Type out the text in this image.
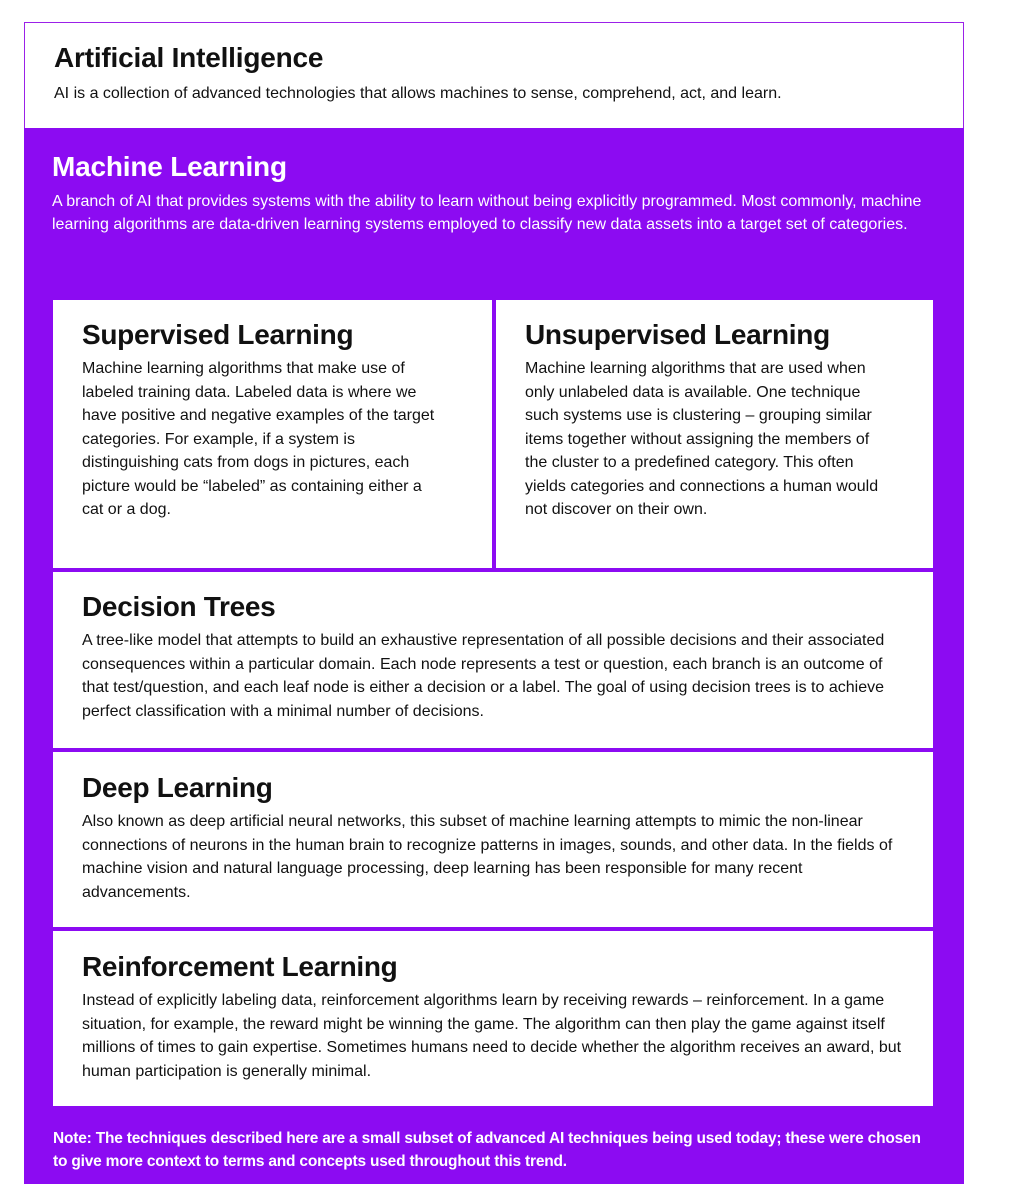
Artificial Intelligence
AI is a collection of advanced technologies that allows machines to sense, comprehend, act, and learn.
Machine Learning
A branch of AI that provides systems with the ability to learn without being explicitly programmed. Most commonly, machine learning algorithms are data-driven learning systems employed to classify new data assets into a target set of categories.
Supervised Learning
Machine learning algorithms that make use of labeled training data. Labeled data is where we have positive and negative examples of the target categories. For example, if a system is distinguishing cats from dogs in pictures, each picture would be “labeled” as containing either a cat or a dog.
Unsupervised Learning
Machine learning algorithms that are used when only unlabeled data is available. One technique such systems use is clustering – grouping similar items together without assigning the members of the cluster to a predefined category. This often yields categories and connections a human would not discover on their own.
Decision Trees
A tree-like model that attempts to build an exhaustive representation of all possible decisions and their associated consequences within a particular domain. Each node represents a test or question, each branch is an outcome of that test/question, and each leaf node is either a decision or a label. The goal of using decision trees is to achieve perfect classification with a minimal number of decisions.
Deep Learning
Also known as deep artificial neural networks, this subset of machine learning attempts to mimic the non-linear connections of neurons in the human brain to recognize patterns in images, sounds, and other data. In the fields of machine vision and natural language processing, deep learning has been responsible for many recent advancements.
Reinforcement Learning
Instead of explicitly labeling data, reinforcement algorithms learn by receiving rewards – reinforcement. In a game situation, for example, the reward might be winning the game. The algorithm can then play the game against itself millions of times to gain expertise. Sometimes humans need to decide whether the algorithm receives an award, but human participation is generally minimal.
Note: The techniques described here are a small subset of advanced AI techniques being used today; these were chosen to give more context to terms and concepts used throughout this trend.
